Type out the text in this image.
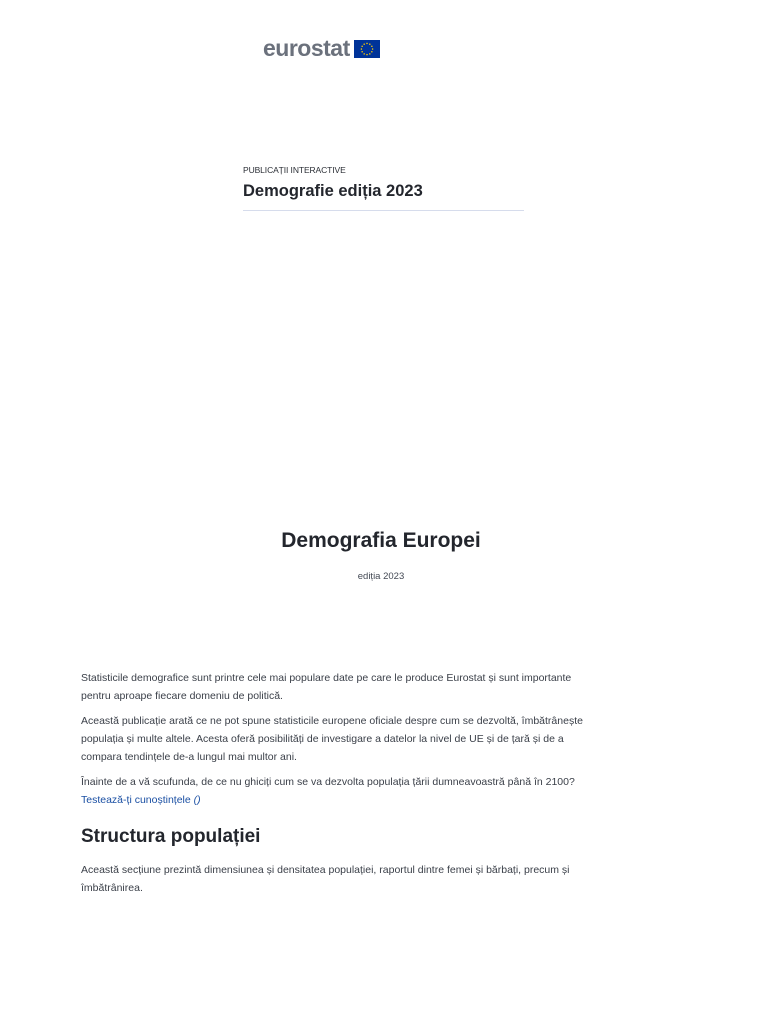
eurostat

PUBLICAȚII INTERACTIVE

Demografie ediția 2023
Demografia Europei

ediția 2023

Statisticile demografice sunt printre cele mai populare date pe care le produce Eurostat și sunt importante pentru aproape fiecare domeniu de politică.

Această publicație arată ce ne pot spune statisticile europene oficiale despre cum se dezvoltă, îmbătrânește populația și multe altele. Acesta oferă posibilități de investigare a datelor la nivel de UE și de țară și de a compara tendințele de-a lungul mai multor ani.

Înainte de a vă scufunda, de ce nu ghiciți cum se va dezvolta populația țării dumneavoastră până în 2100?Testează-ți cunoștințele ()

Structura populației

Această secțiune prezintă dimensiunea și densitatea populației, raportul dintre femei și bărbați, precum și îmbătrânirea.
